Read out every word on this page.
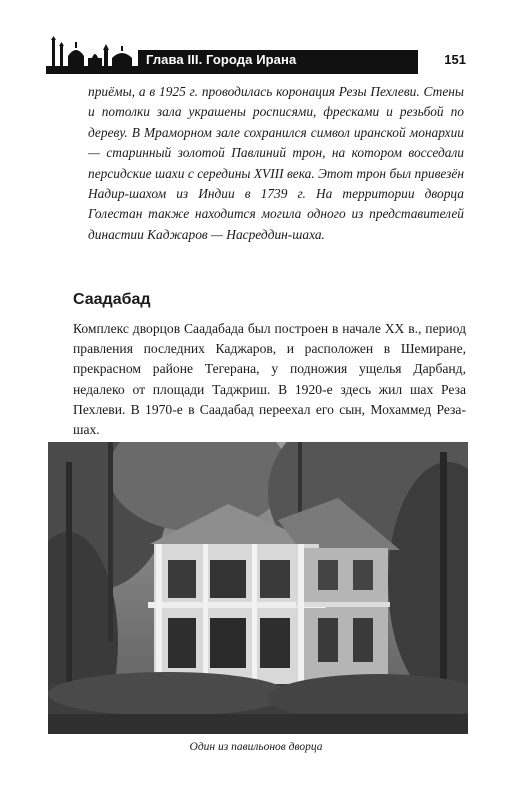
Глава III. Города Ирана	151
приёмы, а в 1925 г. проводилась коронация Резы Пехлеви. Стены и потолки зала украшены росписями, фресками и резьбой по дереву. В Мраморном зале сохранился символ иранской монархии — старинный золотой Павлиний трон, на котором восседали персидские шахи с середины XVIII века. Этот трон был привезён Надир-шахом из Индии в 1739 г. На территории дворца Голестан также находится могила одного из представителей династии Каджаров — Насреддин-шаха.
Саадабад
Комплекс дворцов Саадабада был построен в начале XX в., период правления последних Каджаров, и расположен в Шемиране, прекрасном районе Тегерана, у подножия ущелья Дарбанд, недалеко от площади Таджриш. В 1920-е здесь жил шах Реза Пехлеви. В 1970-е в Саадабад переехал его сын, Мохаммед Реза-шах.
Один из павильонов дворца
